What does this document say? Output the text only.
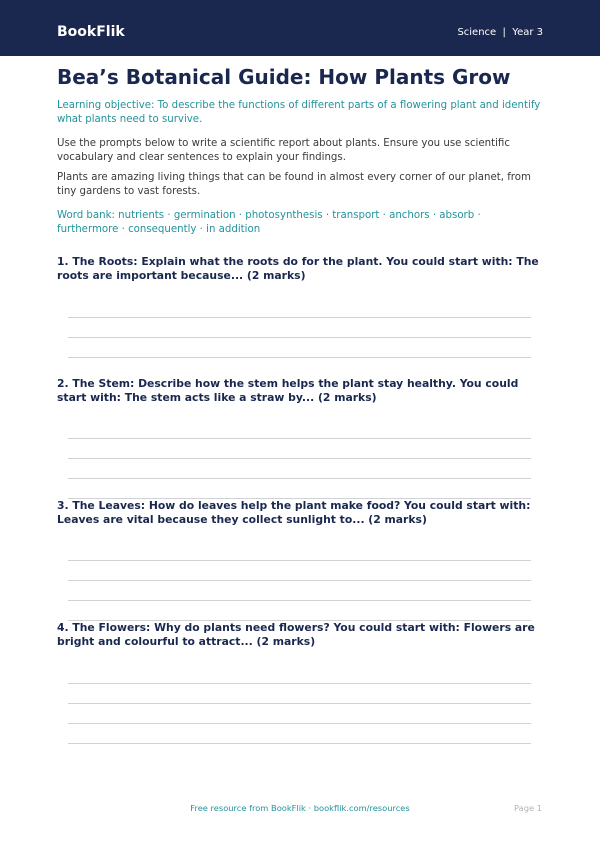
BookFlik	Science  |  Year 3
Bea’s Botanical Guide: How Plants Grow

Learning objective: To describe the functions of different parts of a flowering plant and identify what plants need to survive.

Use the prompts below to write a scientific report about plants. Ensure you use scientific vocabulary and clear sentences to explain your findings.

Plants are amazing living things that can be found in almost every corner of our planet, from tiny gardens to vast forests.

Word bank: nutrients · germination · photosynthesis · transport · anchors · absorb · furthermore · consequently · in addition

1. The Roots: Explain what the roots do for the plant. You could start with: The roots are important because... (2 marks)

2. The Stem: Describe how the stem helps the plant stay healthy. You could start with: The stem acts like a straw by... (2 marks)

3. The Leaves: How do leaves help the plant make food? You could start with: Leaves are vital because they collect sunlight to... (2 marks)

4. The Flowers: Why do plants need flowers? You could start with: Flowers are bright and colourful to attract... (2 marks)

Free resource from BookFlik · bookflik.com/resources	Page 1
